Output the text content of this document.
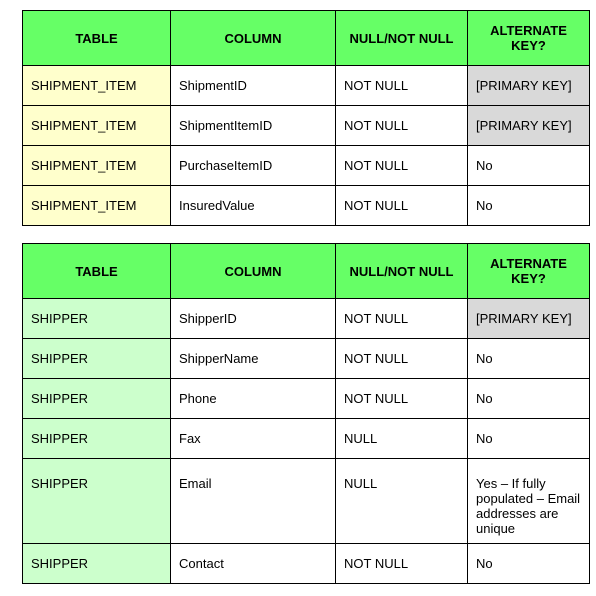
TABLE	COLUMN	NULL/NOT NULL	ALTERNATE KEY?
SHIPMENT_ITEM	ShipmentID	NOT NULL	[PRIMARY KEY]
SHIPMENT_ITEM	ShipmentItemID	NOT NULL	[PRIMARY KEY]
SHIPMENT_ITEM	PurchaseItemID	NOT NULL	No
SHIPMENT_ITEM	InsuredValue	NOT NULL	No
TABLE	COLUMN	NULL/NOT NULL	ALTERNATE KEY?
SHIPPER	ShipperID	NOT NULL	[PRIMARY KEY]
SHIPPER	ShipperName	NOT NULL	No
SHIPPER	Phone	NOT NULL	No
SHIPPER	Fax	NULL	No
SHIPPER	Email	NULL	Yes – If fully populated – Email addresses are unique
SHIPPER	Contact	NOT NULL	No
